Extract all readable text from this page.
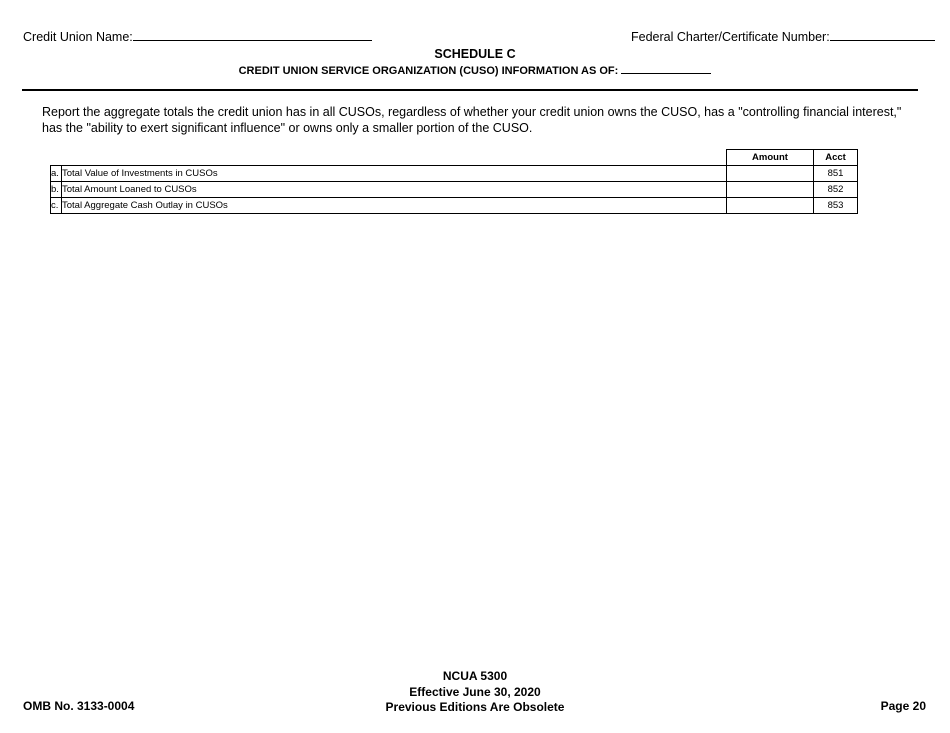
Credit Union Name:	Federal Charter/Certificate Number:
SCHEDULE C
CREDIT UNION SERVICE ORGANIZATION (CUSO) INFORMATION AS OF:
Report the aggregate totals the credit union has in all CUSOs, regardless of whether your credit union owns the CUSO, has a "controlling financial interest," has the "ability to exert significant influence" or owns only a smaller portion of the CUSO.
		Amount	Acct
a.	Total Value of Investments in CUSOs		851
b.	Total Amount Loaned to CUSOs		852
c.	Total Aggregate Cash Outlay in CUSOs		853
NCUA 5300
Effective June 30, 2020
Previous Editions Are Obsolete
OMB No. 3133-0004	Page 20
